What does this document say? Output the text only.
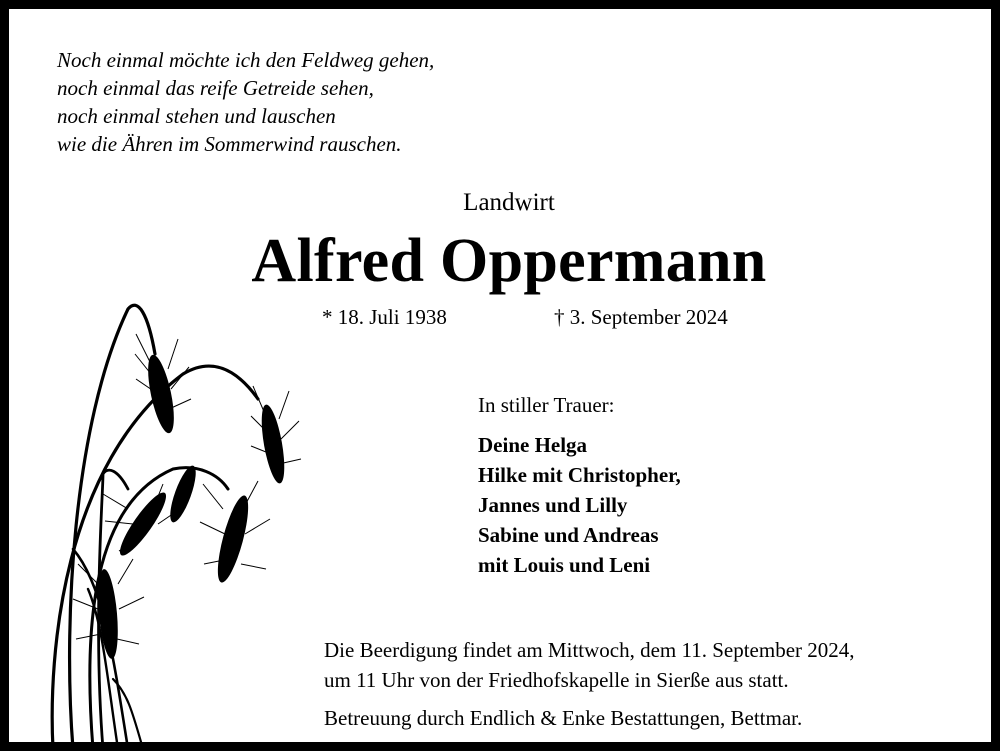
Noch einmal möchte ich den Feldweg gehen,
noch einmal das reife Getreide sehen,
noch einmal stehen und lauschen
wie die Ähren im Sommerwind rauschen.
Landwirt
Alfred Oppermann
* 18. Juli 1938	† 3. September 2024
In stiller Trauer:
Deine Helga
Hilke mit Christopher,
Jannes und Lilly
Sabine und Andreas
mit Louis und Leni
Die Beerdigung findet am Mittwoch, dem 11. September 2024,
um 11 Uhr von der Friedhofskapelle in Sierße aus statt.
Betreuung durch Endlich & Enke Bestattungen, Bettmar.
